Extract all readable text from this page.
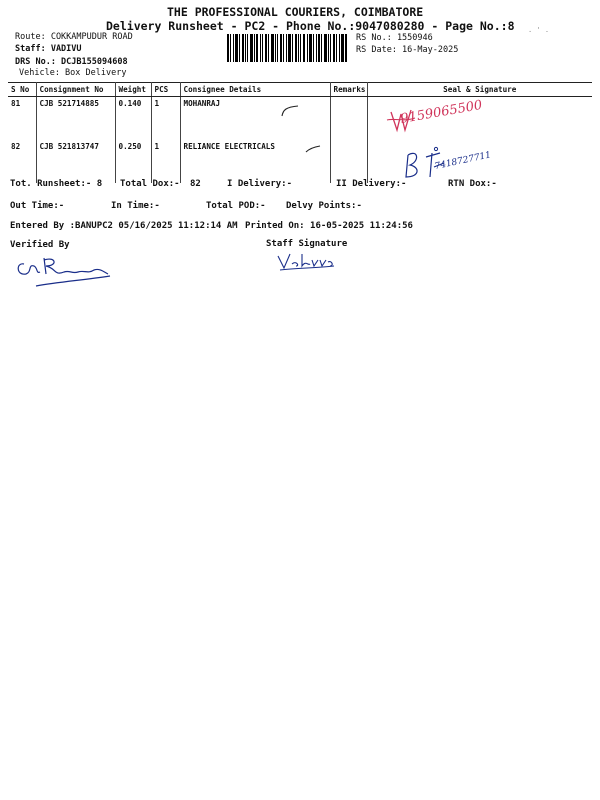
THE PROFESSIONAL COURIERS, COIMBATORE
Delivery Runsheet - PC2 - Phone No.:9047080280 - Page No.:8
Route: COKKAMPUDUR ROAD
Staff: VADIVU
DRS No.: DCJB155094608
Vehicle: Box Delivery
RS No.: 1550946
RS Date: 16-May-2025
. ' .
S No	Consignment No	Weight	PCS	Consignee Details	Remarks	Seal & Signature
81	CJB 521714885	0.140	1	MOHANRAJ		
82	CJB 521813747	0.250	1	RELIANCE ELECTRICALS		
9159065500
7418727711
Tot. Runsheet:- 8 Total Dox:- 82	I Delivery:-	II Delivery:-	RTN Dox:-
Out Time:-	In Time:-	Total POD:- Delvy Points:-
Entered By :BANUPC2 05/16/2025 11:12:14 AM Printed On: 16-05-2025 11:24:56
Verified By	Staff Signature
